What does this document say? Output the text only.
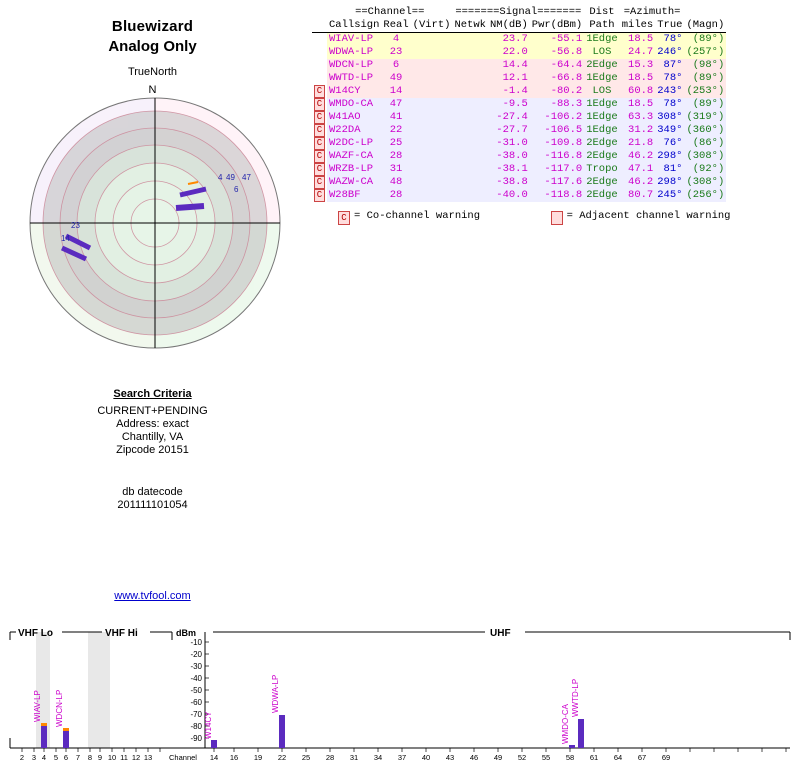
Bluewizard
Analog Only
TrueNorth
N
4 49 47
6
23
14
Search Criteria
CURRENT+PENDING
Address: exact
Chantilly, VA
Zipcode 20151
db datecode
201111101054
www.tvfool.com
	==Channel==			=======Signal=======			Dist	=Azimuth=		
	Callsign	Real	(Virt)	Netwk	NM(dB)	Pwr(dBm)	Path	miles	True	(Magn)
	WIAV-LP	4			23.7	-55.1	1Edge	18.5	78°	(89°)
	WDWA-LP	23			22.0	-56.8	LOS	24.7	246°	(257°)
	WDCN-LP	6			14.4	-64.4	2Edge	15.3	87°	(98°)
	WWTD-LP	49			12.1	-66.8	1Edge	18.5	78°	(89°)
C	W14CY	14			-1.4	-80.2	LOS	60.8	243°	(253°)
C	WMDO-CA	47			-9.5	-88.3	1Edge	18.5	78°	(89°)
C	W41AO	41			-27.4	-106.2	1Edge	63.3	308°	(319°)
C	W22DA	22			-27.7	-106.5	1Edge	31.2	349°	(360°)
C	W2DC-LP	25			-31.0	-109.8	2Edge	21.8	76°	(86°)
C	WAZF-CA	28			-38.0	-116.8	2Edge	46.2	298°	(308°)
C	WRZB-LP	31			-38.1	-117.0	Tropo	47.1	81°	(92°)
C	WAZW-CA	48			-38.8	-117.6	2Edge	46.2	298°	(308°)
C	W28BF	28			-40.0	-118.8	2Edge	80.7	245°	(256°)
C = Co-channel warning	C = Adjacent channel warning
VHF Lo	VHF Hi	UHF
dBm
-10
-20
-30
-40
-50
-60
-70
-80
-90
2 3 4 5 6 7 8 9 10 11 12 13	14 16 19 22 25 28 31 34 37 40 43 46 49 52 55 58 61 64 67 69
Channel
WIAV-LP WDCN-LP	W14CY
WDWA-LP
WMDO-CA
WWTD-LP
